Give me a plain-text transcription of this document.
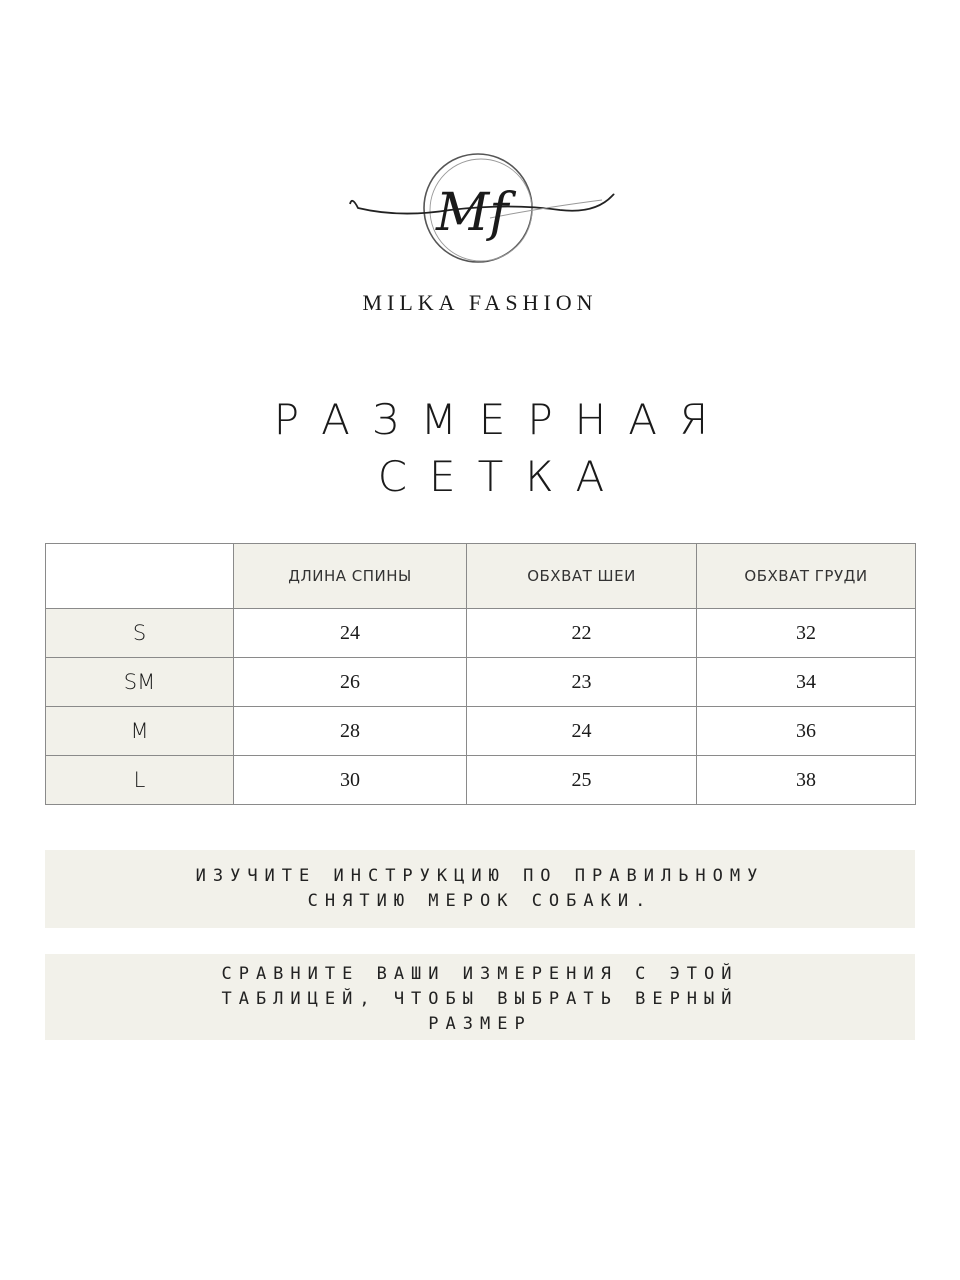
Mf
MILKA FASHION
РАЗМЕРНАЯ
СЕТКА
	ДЛИНА СПИНЫ	ОБХВАТ ШЕИ	ОБХВАТ ГРУДИ
S	24	22	32
SM	26	23	34
M	28	24	36
L	30	25	38
ИЗУЧИТЕ ИНСТРУКЦИЮ ПО ПРАВИЛЬНОМУ
СНЯТИЮ МЕРОК СОБАКИ.
СРАВНИТЕ ВАШИ ИЗМЕРЕНИЯ С ЭТОЙ
ТАБЛИЦЕЙ, ЧТОБЫ ВЫБРАТЬ ВЕРНЫЙ
РАЗМЕР
